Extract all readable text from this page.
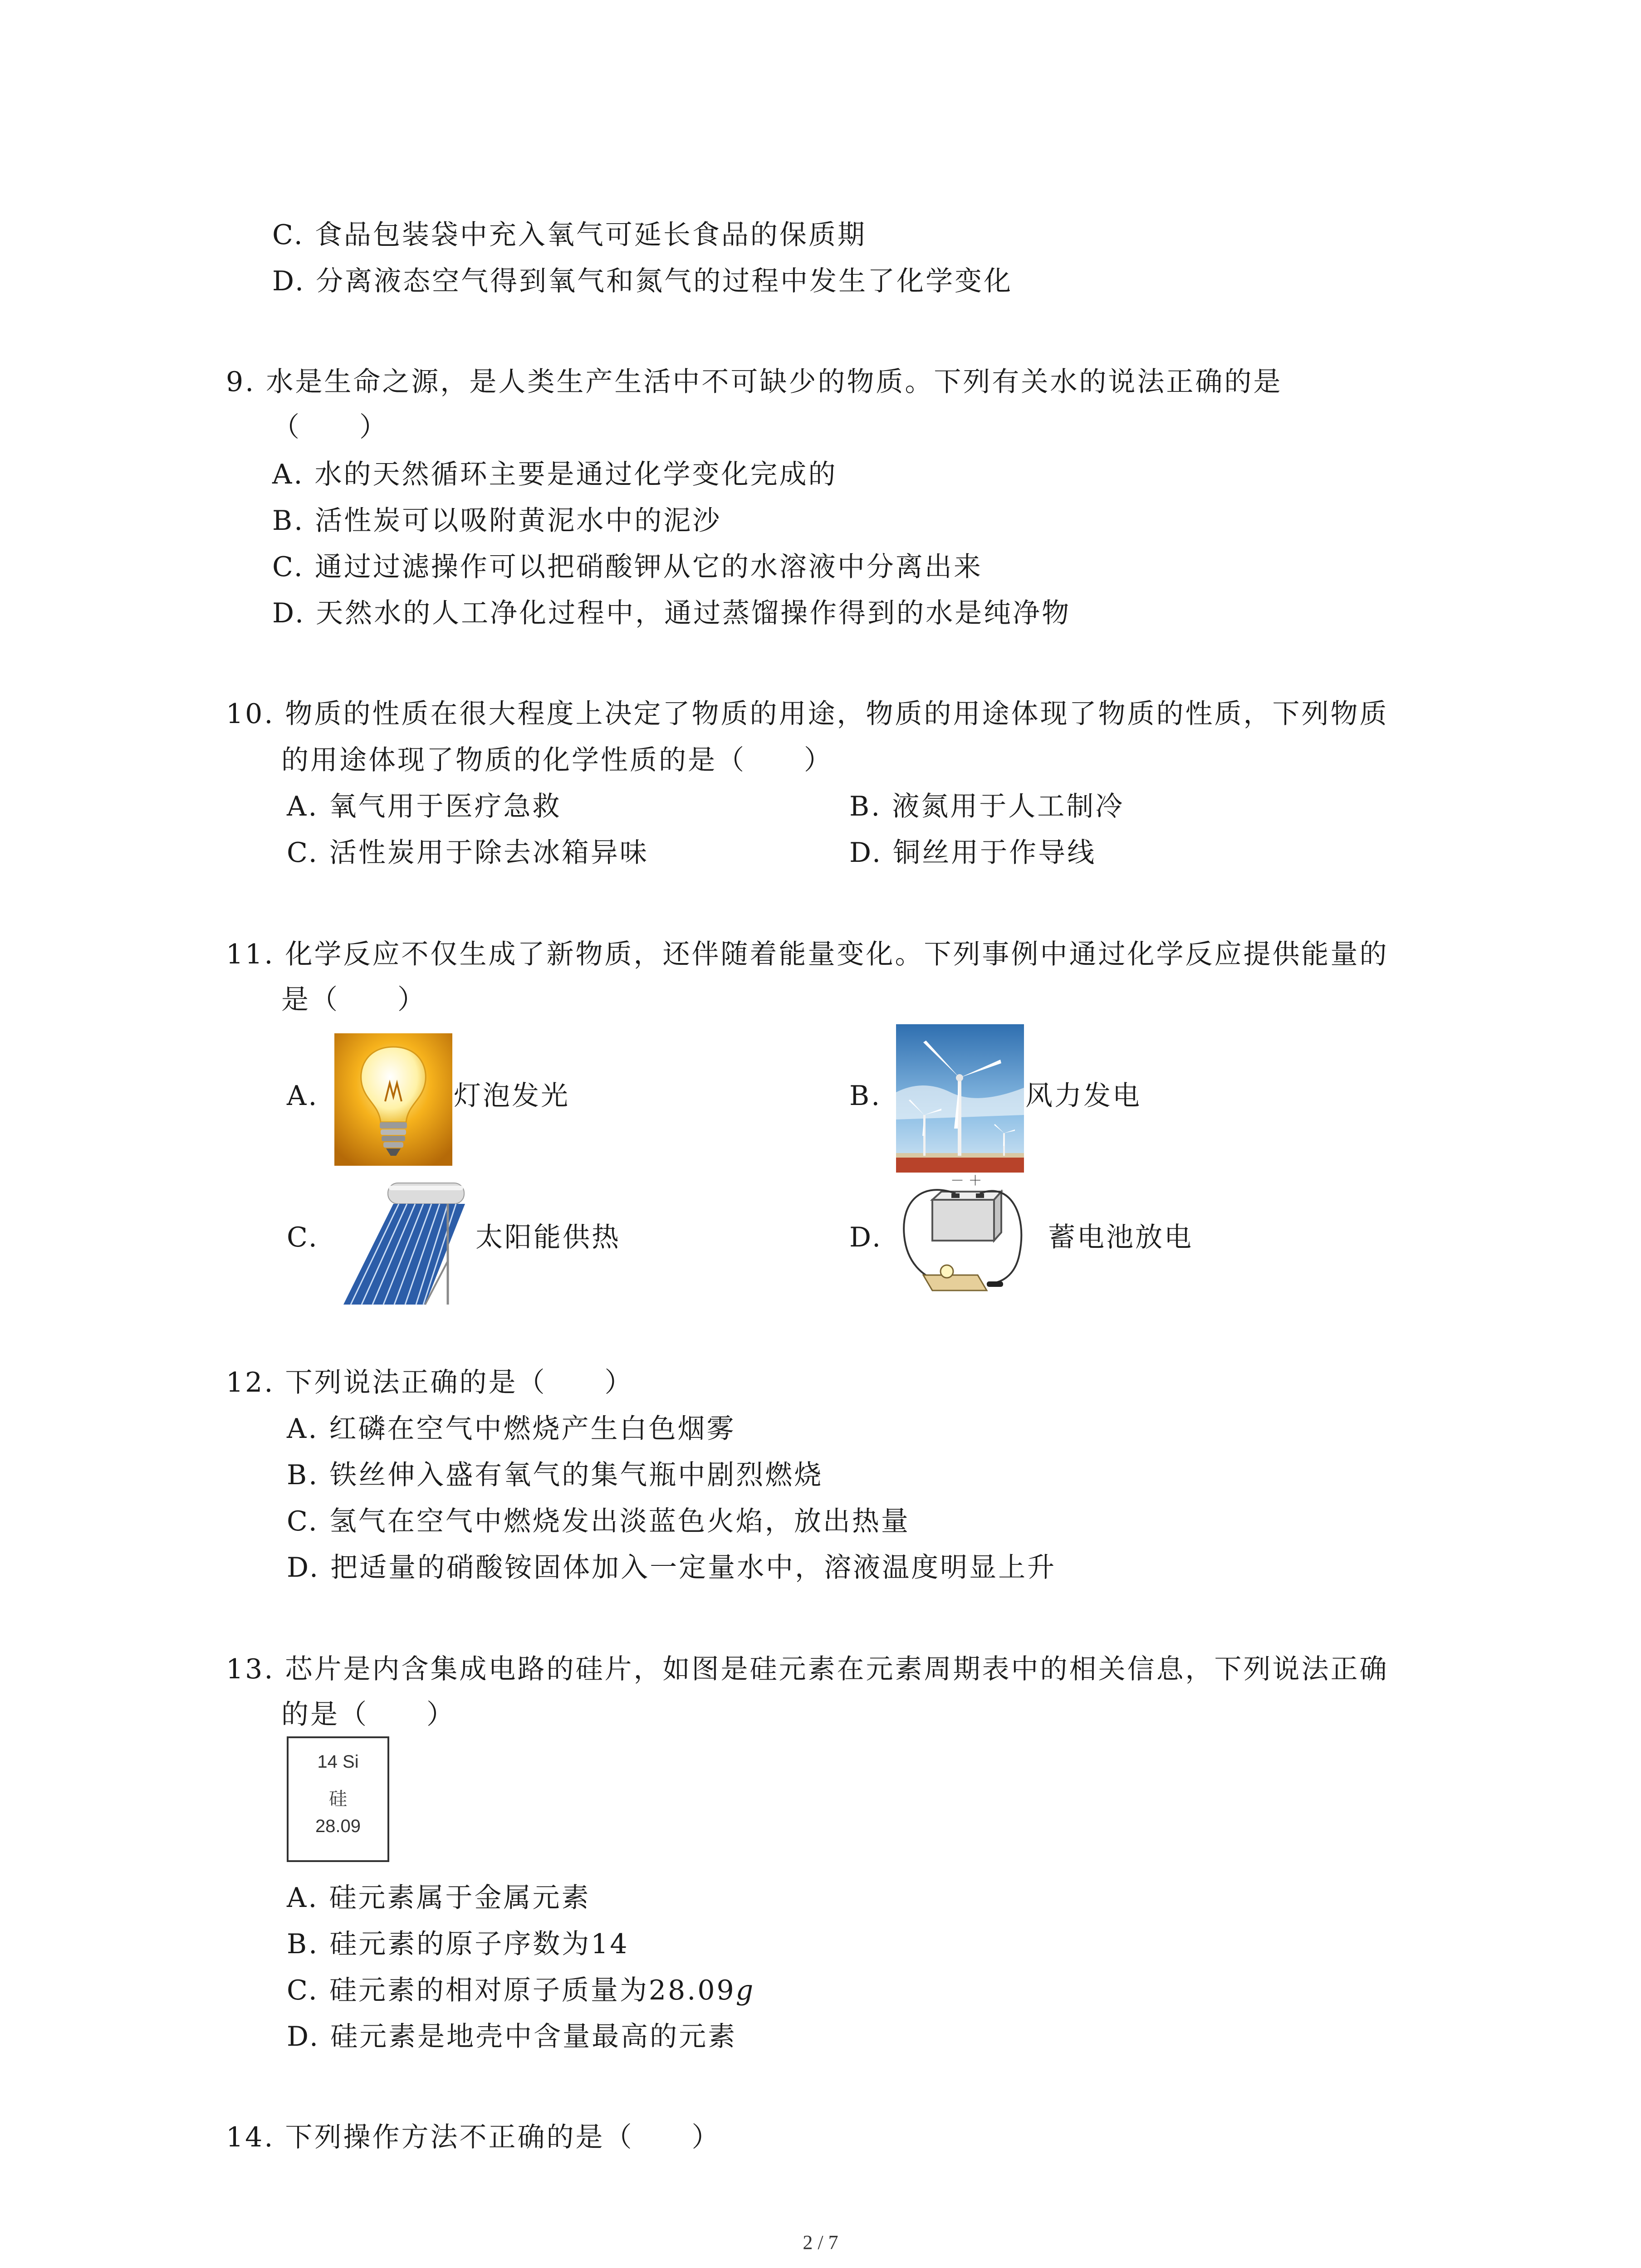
C. 食品包装袋中充入氧气可延长食品的保质期
D. 分离液态空气得到氧气和氮气的过程中发生了化学变化
9. 水是生命之源，是人类生产生活中不可缺少的物质。下列有关水的说法正确的是
（　　）
A. 水的天然循环主要是通过化学变化完成的
B. 活性炭可以吸附黄泥水中的泥沙
C. 通过过滤操作可以把硝酸钾从它的水溶液中分离出来
D. 天然水的人工净化过程中，通过蒸馏操作得到的水是纯净物
10. 物质的性质在很大程度上决定了物质的用途，物质的用途体现了物质的性质，下列物质
的用途体现了物质的化学性质的是（　　）
A. 氧气用于医疗急救	B. 液氮用于人工制冷
C. 活性炭用于除去冰箱异味	D. 铜丝用于作导线
11. 化学反应不仅生成了新物质，还伴随着能量变化。下列事例中通过化学反应提供能量的
是（　　）
A.	灯泡发光	B.	风力发电
C.	太阳能供热	D.
－ ＋
蓄电池放电
12. 下列说法正确的是（　　）
A. 红磷在空气中燃烧产生白色烟雾
B. 铁丝伸入盛有氧气的集气瓶中剧烈燃烧
C. 氢气在空气中燃烧发出淡蓝色火焰，放出热量
D. 把适量的硝酸铵固体加入一定量水中，溶液温度明显上升
13. 芯片是内含集成电路的硅片，如图是硅元素在元素周期表中的相关信息，下列说法正确
的是（　　）
14 Si
硅
28.09
A. 硅元素属于金属元素
B. 硅元素的原子序数为14
C. 硅元素的相对原子质量为28.09g
D. 硅元素是地壳中含量最高的元素
14. 下列操作方法不正确的是（　　）
2 / 7
